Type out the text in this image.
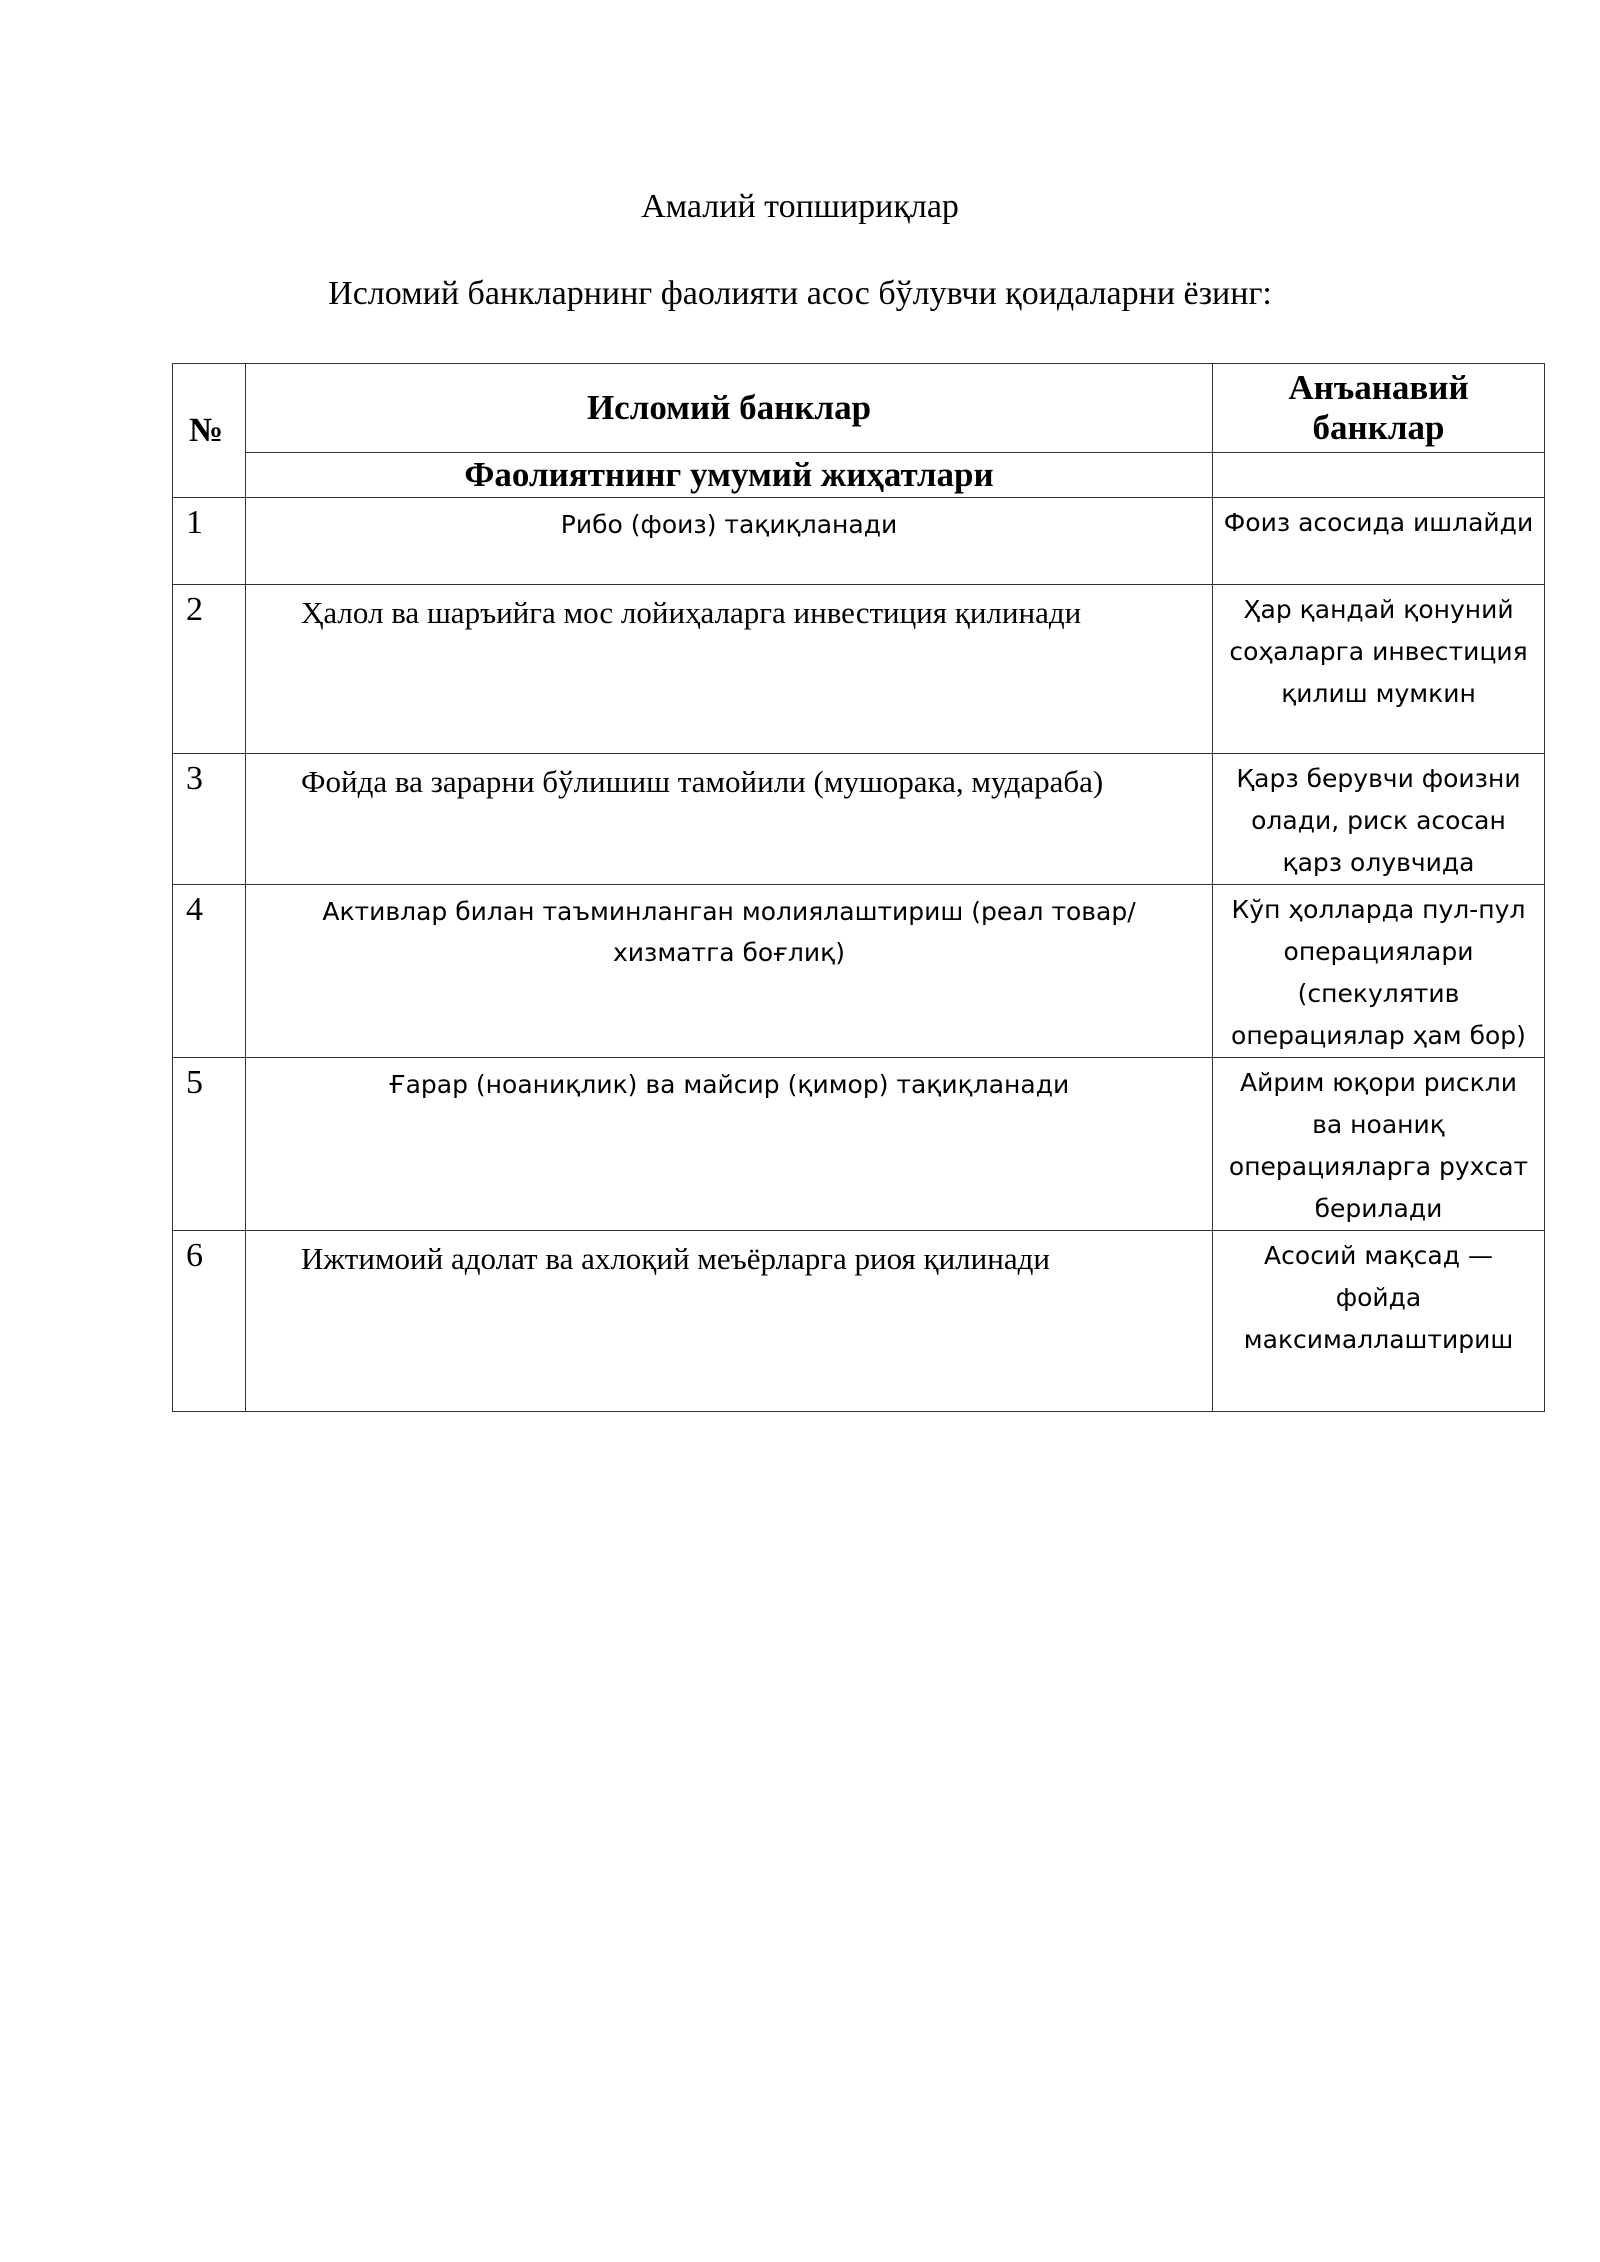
Амалий топшириқлар
Исломий банкларнинг фаолияти асос бўлувчи қоидаларни ёзинг:
№	Исломий банклар	Анъанавий
банклар

	Фаолиятнинг умумий жиҳатлари	
1	Рибо (фоиз) тақиқланади	Фоиз асосида ишлайди
2	Ҳалол ва шаръийга мос лойиҳаларга инвестиция қилинади	Ҳар қандай қонуний соҳаларга инвестиция қилиш мумкин
3	Фойда ва зарарни бўлишиш тамойили (мушорака, мудараба)	Қарз берувчи фоизни олади, риск асосан қарз олувчида
4	Активлар билан таъминланган молиялаштириш (реал товар/хизматга боғлиқ)	Кўп ҳолларда пул-пул операциялари (спекулятив операциялар ҳам бор)
5	Ғарар (ноаниқлик) ва майсир (қимор) тақиқланади	Айрим юқори рискли ва ноаниқ операцияларга рухсат берилади
6	Ижтимоий адолат ва ахлоқий меъёрларга риоя қилинади	Асосий мақсад — фойда максималлаштириш
